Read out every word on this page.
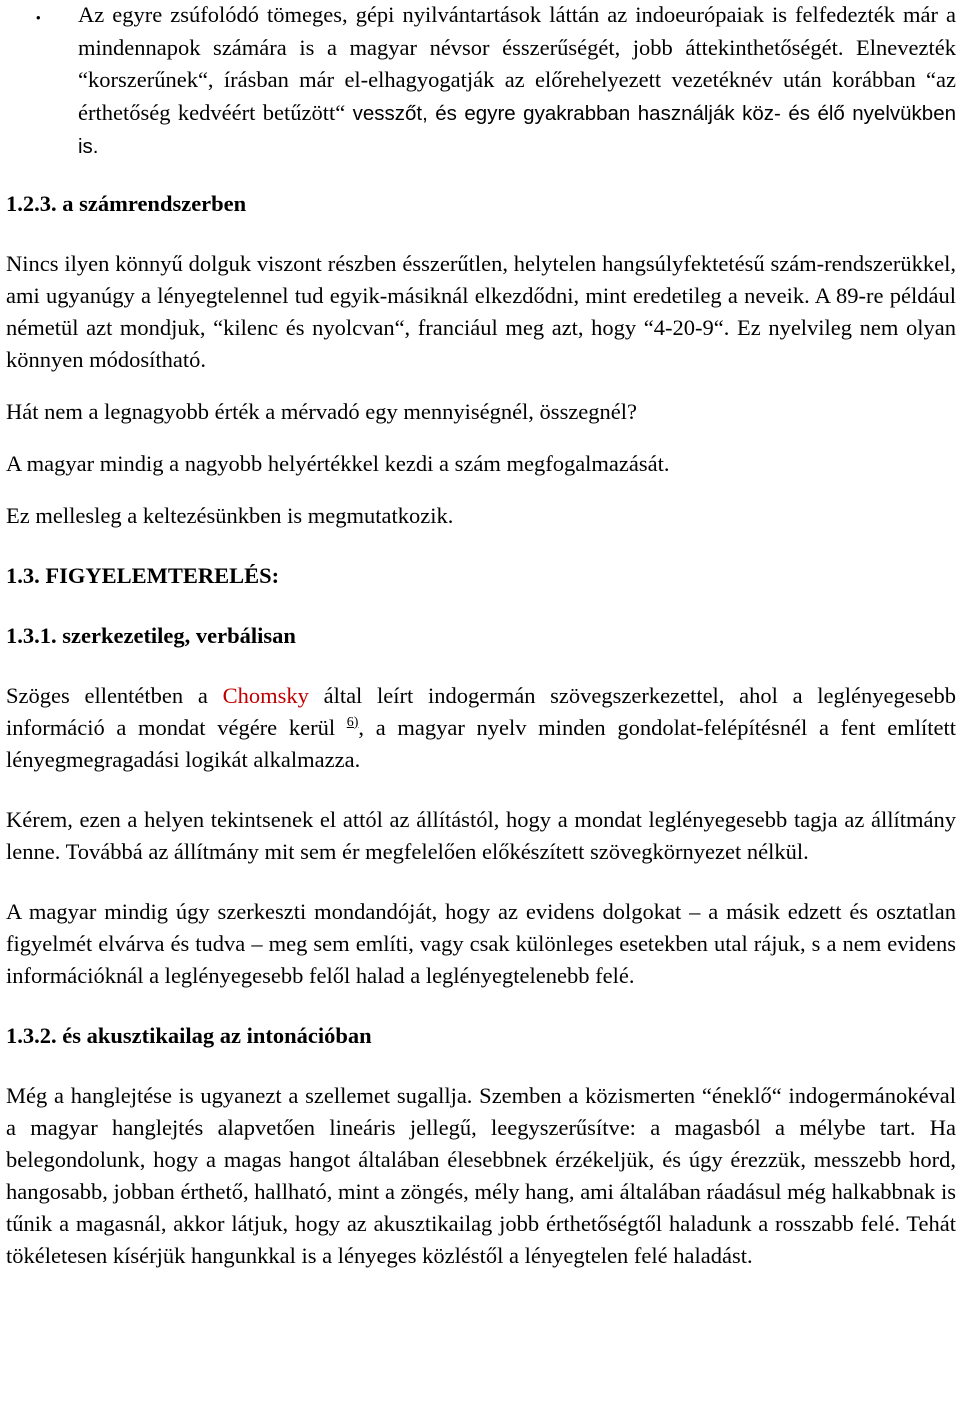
• Az egyre zsúfolódó tömeges, gépi nyilvántartások láttán az indoeurópaiak is felfedezték már a mindennapok számára is a magyar névsor ésszerűségét, jobb áttekinthetőségét. Elnevezték “korszerűnek“, írásban már el-elhagyogatják az előrehelyezett vezetéknév után korábban “az érthetőség kedvéért betűzött“ vesszőt, és egyre gyakrabban használják köz- és élő nyelvükben is.

1.2.3. a számrendszerben

Nincs ilyen könnyű dolguk viszont részben ésszerűtlen, helytelen hangsúlyfektetésű szám-rendszerükkel, ami ugyanúgy a lényegtelennel tud egyik-másiknál elkezdődni, mint eredetileg a neveik. A 89-re például németül azt mondjuk, “kilenc és nyolcvan“, franciául meg azt, hogy “4-20-9“. Ez nyelvileg nem olyan könnyen módosítható.

Hát nem a legnagyobb érték a mérvadó egy mennyiségnél, összegnél?

A magyar mindig a nagyobb helyértékkel kezdi a szám megfogalmazását.

Ez mellesleg a keltezésünkben is megmutatkozik.

1.3. FIGYELEMTERELÉS:

1.3.1. szerkezetileg, verbálisan

Szöges ellentétben a Chomsky által leírt indogermán szövegszerkezettel, ahol a leglényegesebb információ a mondat végére kerül $^{6)}$, a magyar nyelv minden gondolat-felépítésnél a fent említett lényegmegragadási logikát alkalmazza.

Kérem, ezen a helyen tekintsenek el attól az állítástól, hogy a mondat leglényegesebb tagja az állítmány lenne. Továbbá az állítmány mit sem ér megfelelően előkészített szövegkörnyezet nélkül.

A magyar mindig úgy szerkeszti mondandóját, hogy az evidens dolgokat – a másik edzett és osztatlan figyelmét elvárva és tudva – meg sem említi, vagy csak különleges esetekben utal rájuk, s a nem evidens információknál a leglényegesebb felől halad a leglényegtelenebb felé.

1.3.2. és akusztikailag az intonációban

Még a hanglejtése is ugyanezt a szellemet sugallja. Szemben a közismerten “éneklő“ indogermánokéval a magyar hanglejtés alapvetően lineáris jellegű, leegyszerűsítve: a magasból a mélybe tart. Ha belegondolunk, hogy a magas hangot általában élesebbnek érzékeljük, és úgy érezzük, messzebb hord, hangosabb, jobban érthető, hallható, mint a zöngés, mély hang, ami általában ráadásul még halkabbnak is tűnik a magasnál, akkor látjuk, hogy az akusztikailag jobb érthetőségtől haladunk a rosszabb felé. Tehát tökéletesen kísérjük hangunkkal is a lényeges közléstől a lényegtelen felé haladást.
